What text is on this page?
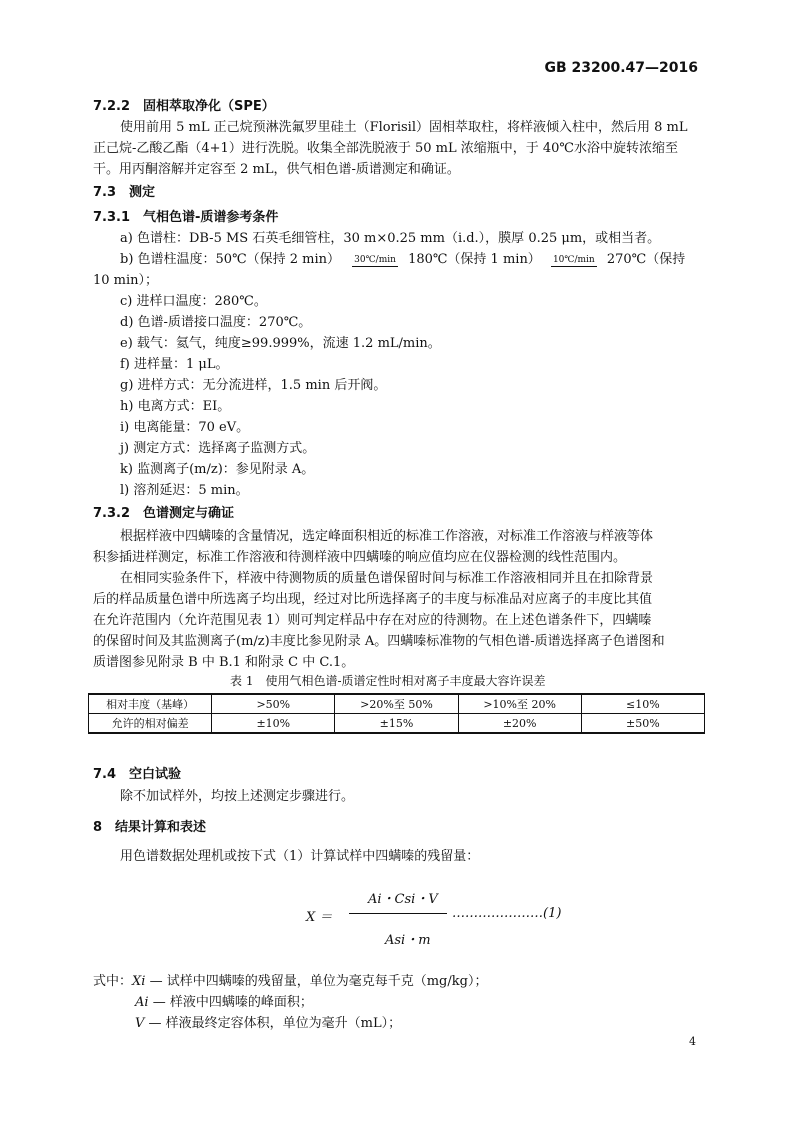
GB 23200.47—2016
7.2.2　固相萃取净化（SPE）
使用前用 5 mL 正己烷预淋洗氟罗里硅土（Florisil）固相萃取柱，将样液倾入柱中，然后用 8 mL
正己烷-乙酸乙酯（4+1）进行洗脱。收集全部洗脱液于 50 mL 浓缩瓶中，于 40℃水浴中旋转浓缩至
干。用丙酮溶解并定容至 2 mL，供气相色谱-质谱测定和确证。
7.3　测定
7.3.1　气相色谱-质谱参考条件
a) 色谱柱：DB-5 MS 石英毛细管柱，30 m×0.25 mm（i.d.），膜厚 0.25 μm，或相当者。
b) 色谱柱温度：50℃（保持 2 min） 30℃/min 180℃（保持 1 min） 10℃/min 270℃（保持
10 min）；
c) 进样口温度：280℃。
d) 色谱-质谱接口温度：270℃。
e) 载气：氦气，纯度≥99.999%，流速 1.2 mL/min。
f) 进样量：1 μL。
g) 进样方式：无分流进样，1.5 min 后开阀。
h) 电离方式：EI。
i) 电离能量：70 eV。
j) 测定方式：选择离子监测方式。
k) 监测离子(m/z)：参见附录 A。
l) 溶剂延迟：5 min。
7.3.2　色谱测定与确证
根据样液中四螨嗪的含量情况，选定峰面积相近的标准工作溶液，对标准工作溶液与样液等体
积参插进样测定，标准工作溶液和待测样液中四螨嗪的响应值均应在仪器检测的线性范围内。
在相同实验条件下，样液中待测物质的质量色谱保留时间与标准工作溶液相同并且在扣除背景
后的样品质量色谱中所选离子均出现，经过对比所选择离子的丰度与标准品对应离子的丰度比其值
在允许范围内（允许范围见表 1）则可判定样品中存在对应的待测物。在上述色谱条件下，四螨嗪
的保留时间及其监测离子(m/z)丰度比参见附录 A。四螨嗪标准物的气相色谱-质谱选择离子色谱图和
质谱图参见附录 B 中 B.1 和附录 C 中 C.1。
表 1　使用气相色谱-质谱定性时相对离子丰度最大容许误差
相对丰度（基峰）	>50%	>20%至 50%	>10%至 20%	≤10%
允许的相对偏差	±10%	±15%	±20%	±50%
7.4　空白试验
除不加试样外，均按上述测定步骤进行。
8　结果计算和表述
用色谱数据处理机或按下式（1）计算试样中四螨嗪的残留量：
X ＝
Ai・Csi・V
Asi・m
…………………(1)
式中：Xi — 试样中四螨嗪的残留量，单位为毫克每千克（mg/kg）；
Ai — 样液中四螨嗪的峰面积；
V — 样液最终定容体积，单位为毫升（mL）；
4
